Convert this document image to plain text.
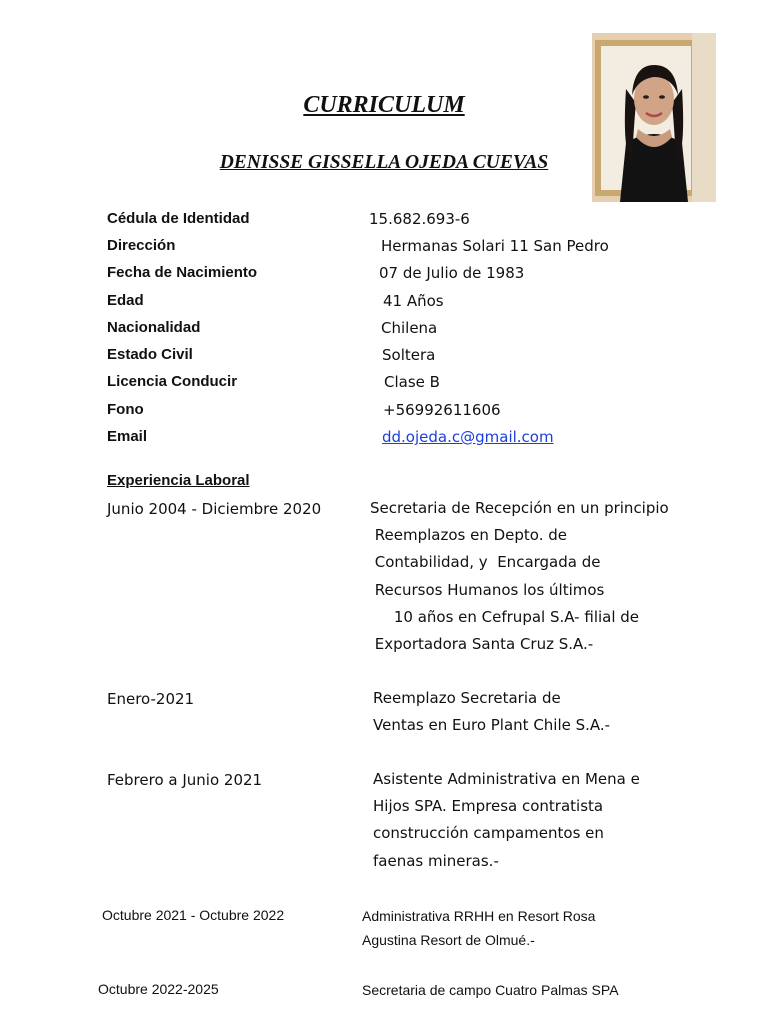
CURRICULUM
DENISSE GISSELLA OJEDA CUEVAS
Cédula de Identidad	15.682.693-6
Dirección	Hermanas Solari 11 San Pedro
Fecha de Nacimiento	07 de Julio de 1983
Edad	41 Años
Nacionalidad	Chilena
Estado Civil	Soltera
Licencia Conducir	Clase B
Fono	+56992611606
Email	dd.ojeda.c@gmail.com
Experiencia Laboral
Junio 2004 - Diciembre 2020	Secretaria de Recepción en un principio
Reemplazos en Depto. de
Contabilidad, y  Encargada de
Recursos Humanos los últimos
10 años en Cefrupal S.A- filial de
Exportadora Santa Cruz S.A.-
Enero-2021	Reemplazo Secretaria de
Ventas en Euro Plant Chile S.A.-
Febrero a Junio 2021	Asistente Administrativa en Mena e
Hijos SPA. Empresa contratista
construcción campamentos en
faenas mineras.-
Octubre 2021 - Octubre 2022	Administrativa RRHH en Resort Rosa
Agustina Resort de Olmué.-
Octubre 2022-2025	Secretaria de campo Cuatro Palmas SPA
